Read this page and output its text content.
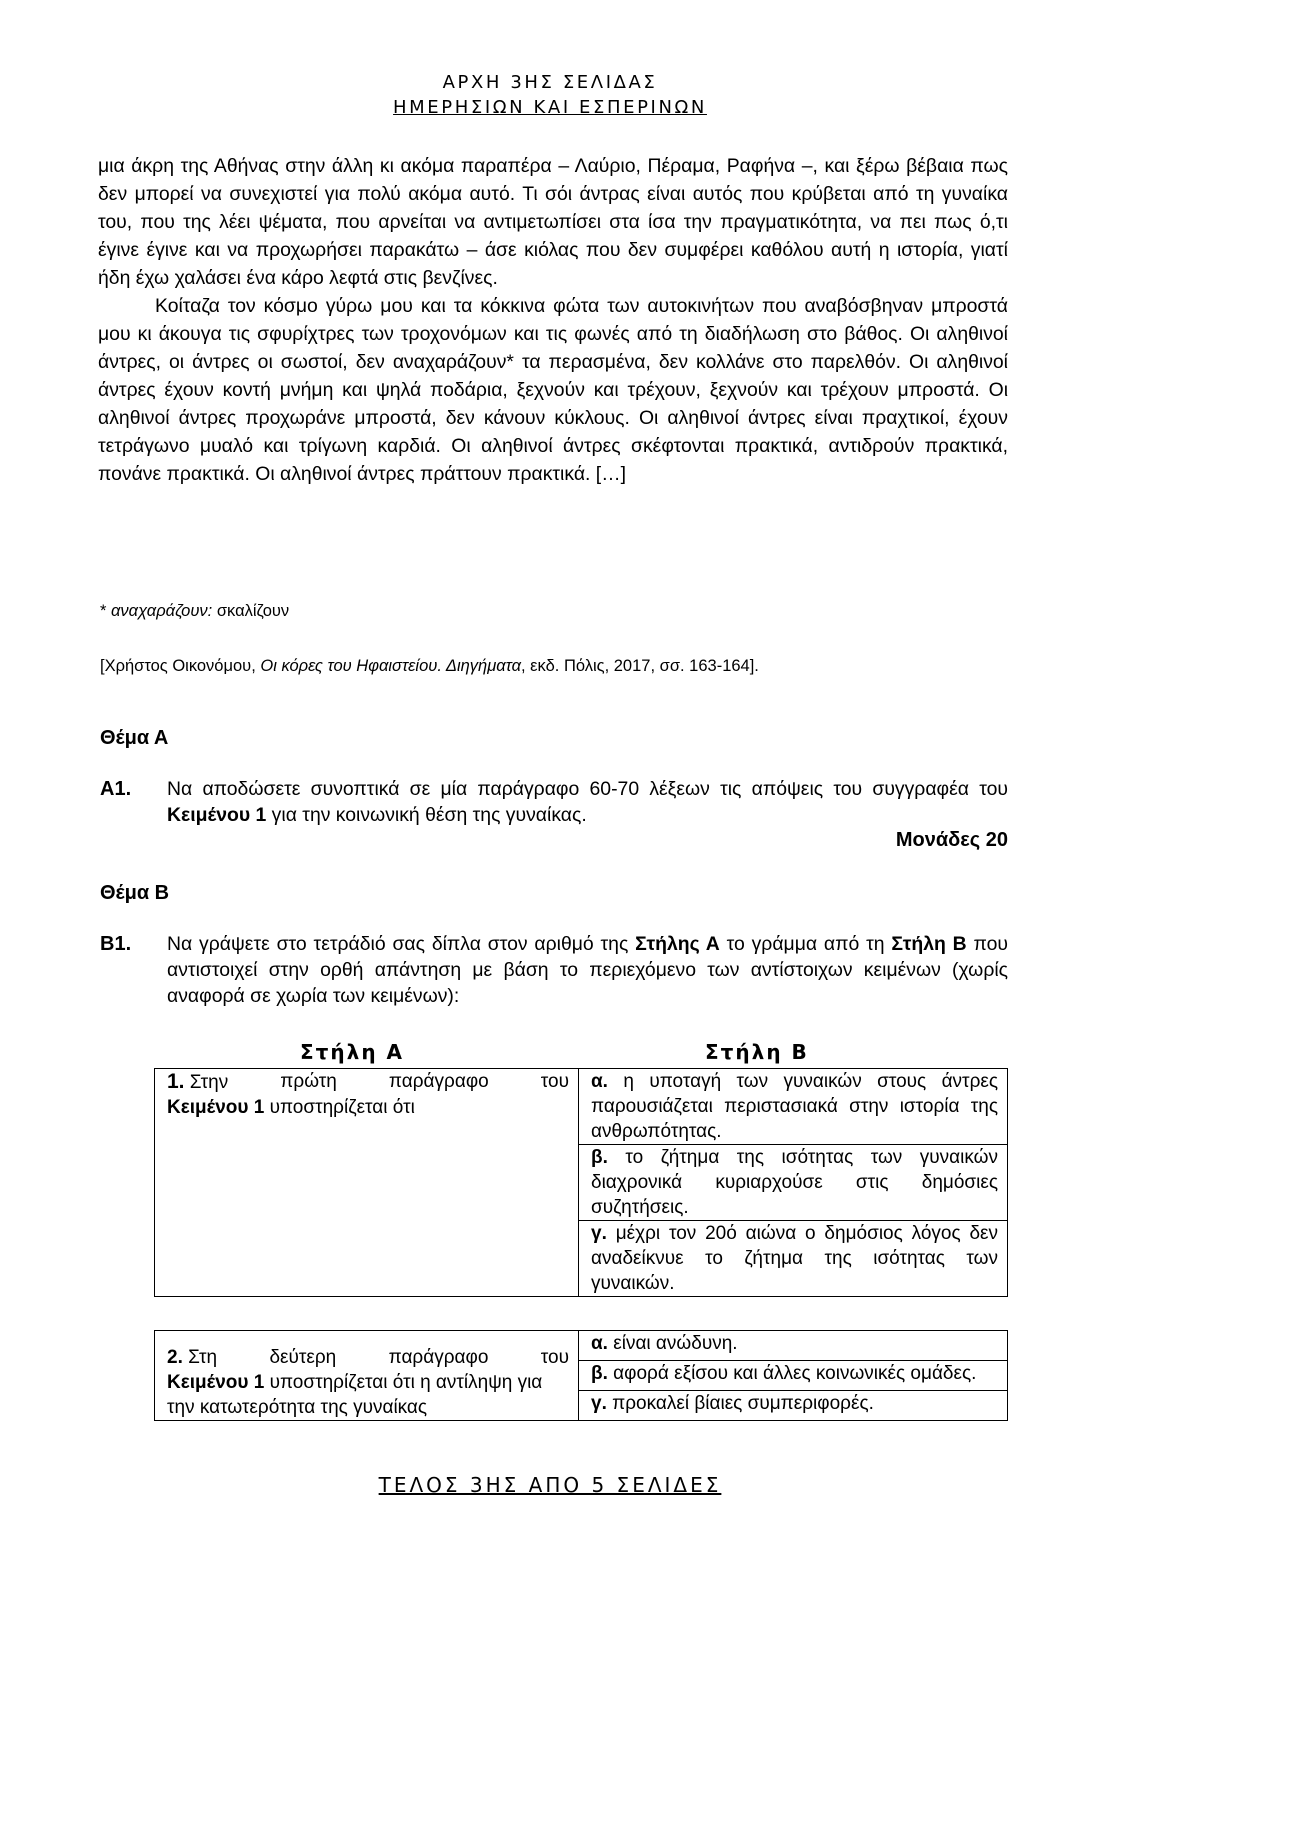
ΑΡΧΗ 3ΗΣ ΣΕΛΙΔΑΣ
ΗΜΕΡΗΣΙΩΝ ΚΑΙ ΕΣΠΕΡΙΝΩΝ

μια άκρη της Αθήνας στην άλλη κι ακόμα παραπέρα – Λαύριο, Πέραμα, Ραφήνα –, και ξέρω βέβαια πως δεν μπορεί να συνεχιστεί για πολύ ακόμα αυτό. Τι σόι άντρας είναι αυτός που κρύβεται από τη γυναίκα του, που της λέει ψέματα, που αρνείται να αντιμετωπίσει στα ίσα την πραγματικότητα, να πει πως ό,τι έγινε έγινε και να προχωρήσει παρακάτω – άσε κιόλας που δεν συμφέρει καθόλου αυτή η ιστορία, γιατί ήδη έχω χαλάσει ένα κάρο λεφτά στις βενζίνες.

Κοίταζα τον κόσμο γύρω μου και τα κόκκινα φώτα των αυτοκινήτων που αναβόσβηναν μπροστά μου κι άκουγα τις σφυρίχτρες των τροχονόμων και τις φωνές από τη διαδήλωση στο βάθος. Οι αληθινοί άντρες, οι άντρες οι σωστοί, δεν αναχαράζουν* τα περασμένα, δεν κολλάνε στο παρελθόν. Οι αληθινοί άντρες έχουν κοντή μνήμη και ψηλά ποδάρια, ξεχνούν και τρέχουν, ξεχνούν και τρέχουν μπροστά. Οι αληθινοί άντρες προχωράνε μπροστά, δεν κάνουν κύκλους. Οι αληθινοί άντρες είναι πραχτικοί, έχουν τετράγωνο μυαλό και τρίγωνη καρδιά. Οι αληθινοί άντρες σκέφτονται πρακτικά, αντιδρούν πρακτικά, πονάνε πρακτικά. Οι αληθινοί άντρες πράττουν πρακτικά. […]

* αναχαράζουν: σκαλίζουν
[Χρήστος Οικονόμου, Οι κόρες του Ηφαιστείου. Διηγήματα, εκδ. Πόλις, 2017, σσ. 163-164].
Θέμα Α
Α1. Να αποδώσετε συνοπτικά σε μία παράγραφο 60-70 λέξεων τις απόψεις του συγγραφέα του Κειμένου 1 για την κοινωνική θέση της γυναίκας.
Μονάδες 20
Θέμα Β
Β1. Να γράψετε στο τετράδιό σας δίπλα στον αριθμό της Στήλης Α το γράμμα από τη Στήλη Β που αντιστοιχεί στην ορθή απάντηση με βάση το περιεχόμενο των αντίστοιχων κειμένων (χωρίς αναφορά σε χωρία των κειμένων):
Στήλη Α	Στήλη Β
1. Στην	πρώτη	παράγραφο	του
Κειμένου 1 υποστηρίζεται ότι

α. η υποταγή των γυναικών στους άντρες παρουσιάζεται περιστασιακά στην ιστορία της ανθρωπότητας.

β. το ζήτημα της ισότητας των γυναικών διαχρονικά κυριαρχούσε στις δημόσιες συζητήσεις.

γ. μέχρι τον 20ό αιώνα ο δημόσιος λόγος δεν αναδείκνυε το ζήτημα της ισότητας των γυναικών.
2. Στη	δεύτερη	παράγραφο	του
Κειμένου 1 υποστηρίζεται ότι η αντίληψη για την κατωτερότητα της γυναίκας

α. είναι ανώδυνη.

β. αφορά εξίσου και άλλες κοινωνικές ομάδες.

γ. προκαλεί βίαιες συμπεριφορές.
ΤΕΛΟΣ 3ΗΣ ΑΠΟ 5 ΣΕΛΙΔΕΣ
